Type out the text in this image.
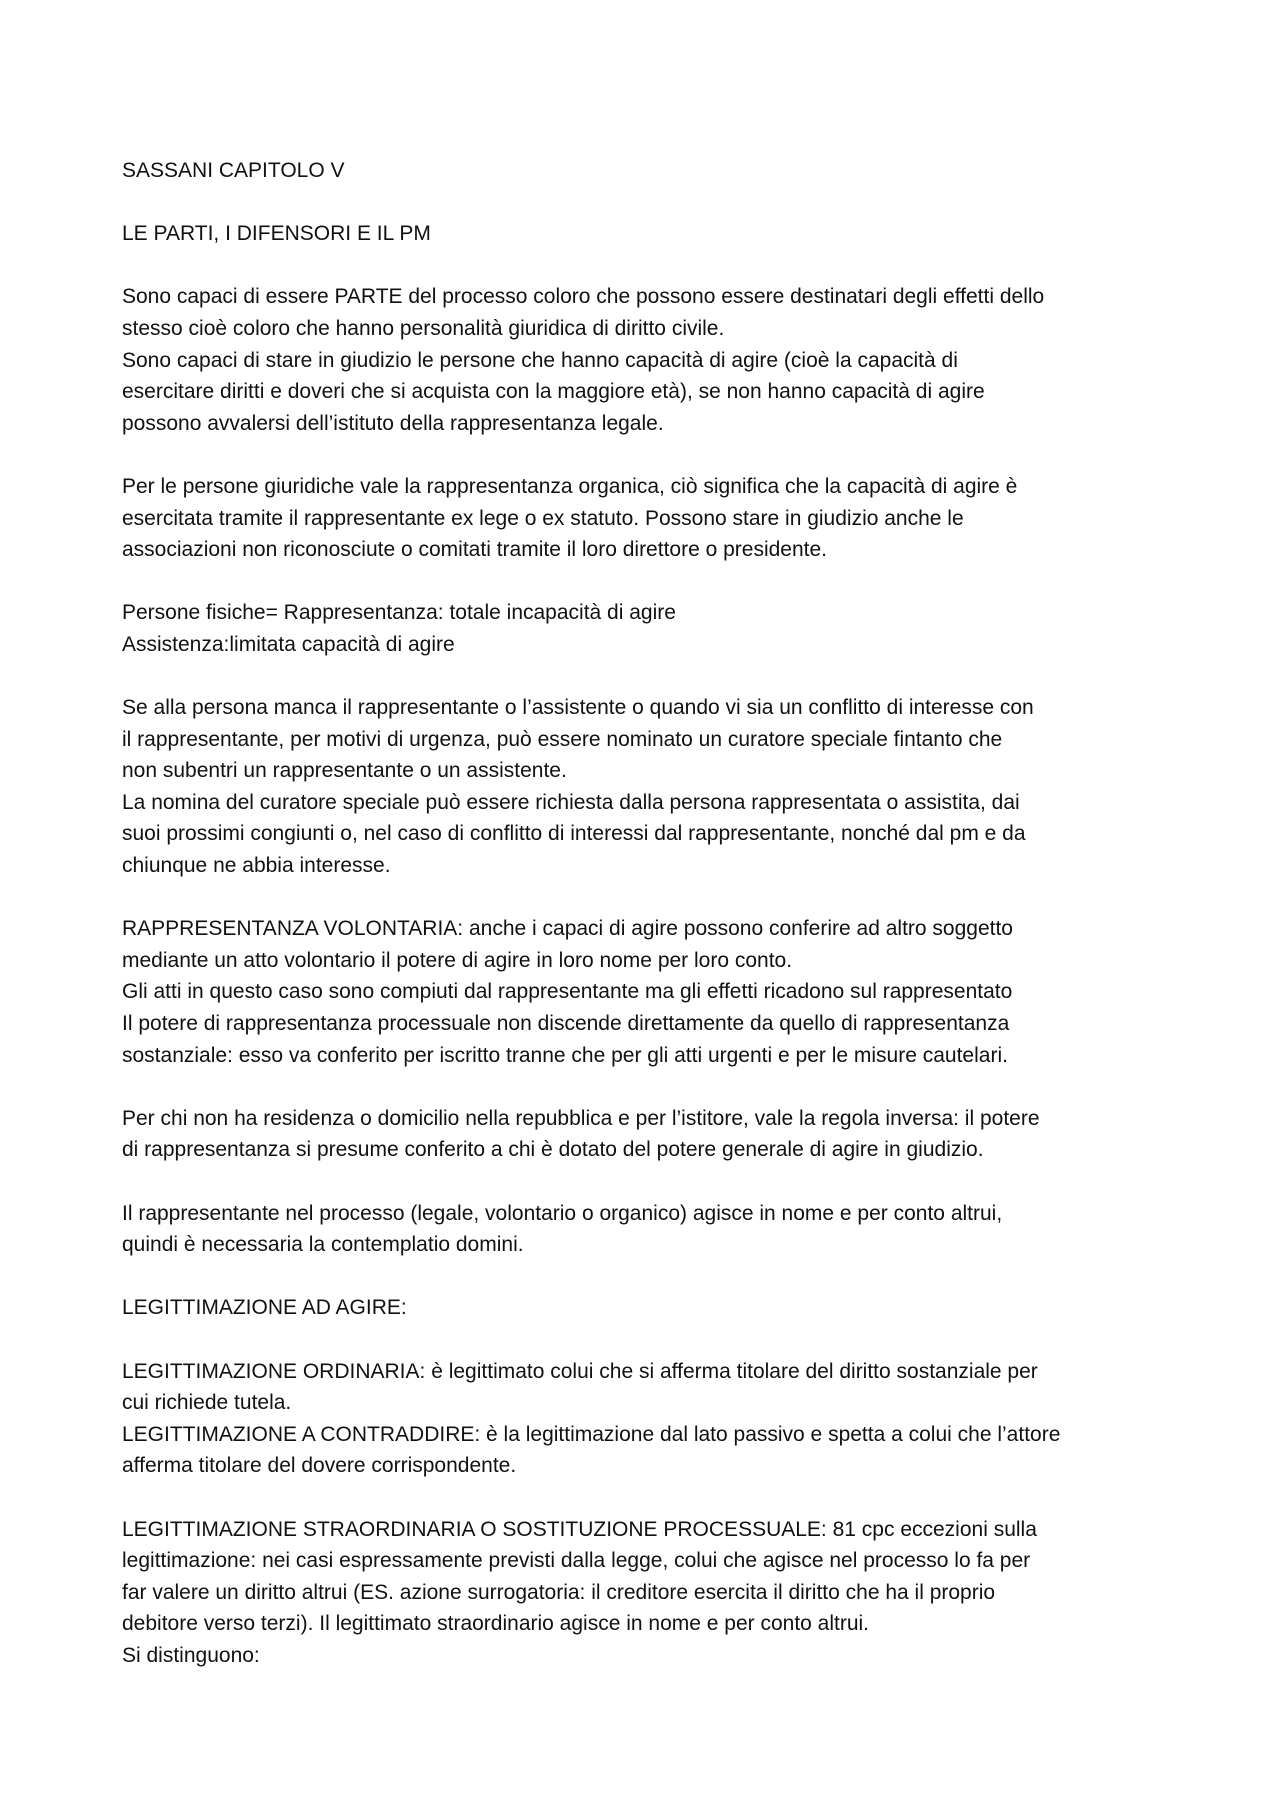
SASSANI CAPITOLO V

LE PARTI, I DIFENSORI E IL PM

Sono capaci di essere PARTE del processo coloro che possono essere destinatari degli effetti dello
stesso cioè coloro che hanno personalità giuridica di diritto civile.
Sono capaci di stare in giudizio le persone che hanno capacità di agire (cioè la capacità di
esercitare diritti e doveri che si acquista con la maggiore età), se non hanno capacità di agire
possono avvalersi dell’istituto della rappresentanza legale.

Per le persone giuridiche vale la rappresentanza organica, ciò significa che la capacità di agire è
esercitata tramite il rappresentante ex lege o ex statuto. Possono stare in giudizio anche le
associazioni non riconosciute o comitati tramite il loro direttore o presidente.

Persone fisiche= Rappresentanza: totale incapacità di agire
Assistenza:limitata capacità di agire

Se alla persona manca il rappresentante o l’assistente o quando vi sia un conflitto di interesse con
il rappresentante, per motivi di urgenza, può essere nominato un curatore speciale fintanto che
non subentri un rappresentante o un assistente.
La nomina del curatore speciale può essere richiesta dalla persona rappresentata o assistita, dai
suoi prossimi congiunti o, nel caso di conflitto di interessi dal rappresentante, nonché dal pm e da
chiunque ne abbia interesse.

RAPPRESENTANZA VOLONTARIA: anche i capaci di agire possono conferire ad altro soggetto
mediante un atto volontario il potere di agire in loro nome per loro conto.
Gli atti in questo caso sono compiuti dal rappresentante ma gli effetti ricadono sul rappresentato
Il potere di rappresentanza processuale non discende direttamente da quello di rappresentanza
sostanziale: esso va conferito per iscritto tranne che per gli atti urgenti e per le misure cautelari.

Per chi non ha residenza o domicilio nella repubblica e per l’istitore, vale la regola inversa: il potere
di rappresentanza si presume conferito a chi è dotato del potere generale di agire in giudizio.

Il rappresentante nel processo (legale, volontario o organico) agisce in nome e per conto altrui,
quindi è necessaria la contemplatio domini.

LEGITTIMAZIONE AD AGIRE:

LEGITTIMAZIONE ORDINARIA: è legittimato colui che si afferma titolare del diritto sostanziale per
cui richiede tutela.
LEGITTIMAZIONE A CONTRADDIRE: è la legittimazione dal lato passivo e spetta a colui che l’attore
afferma titolare del dovere corrispondente.

LEGITTIMAZIONE STRAORDINARIA O SOSTITUZIONE PROCESSUALE: 81 cpc eccezioni sulla
legittimazione: nei casi espressamente previsti dalla legge, colui che agisce nel processo lo fa per
far valere un diritto altrui (ES. azione surrogatoria: il creditore esercita il diritto che ha il proprio
debitore verso terzi). Il legittimato straordinario agisce in nome e per conto altrui.
Si distinguono:
